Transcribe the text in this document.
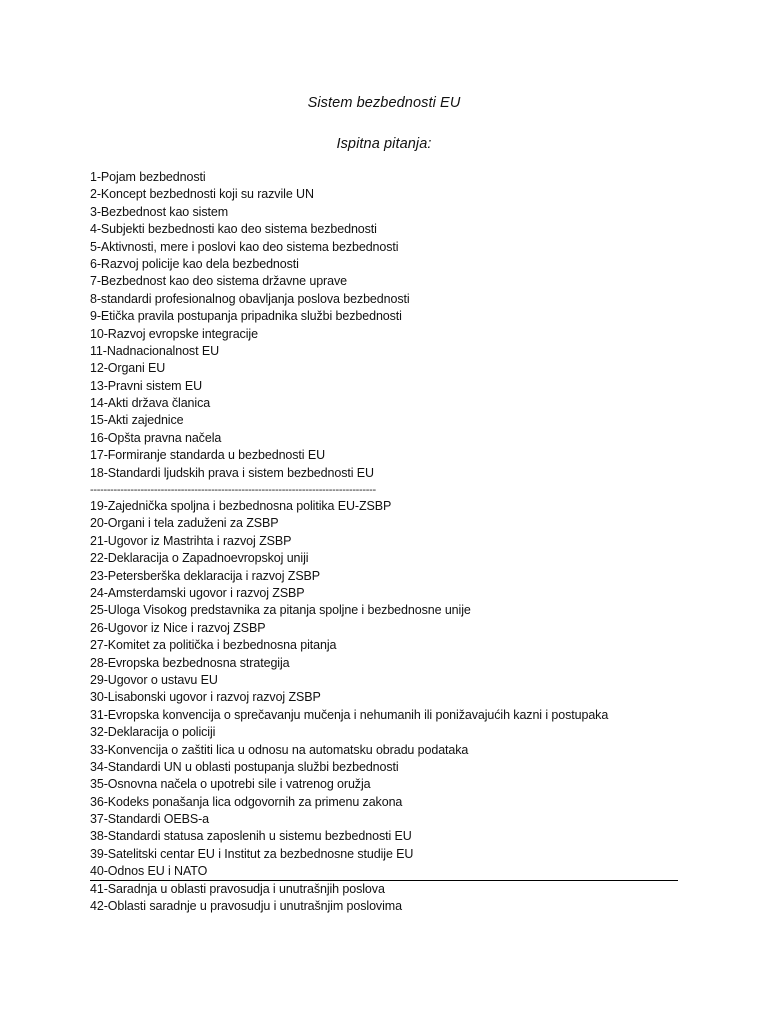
Sistem bezbednosti EU
Ispitna pitanja:
1-Pojam bezbednosti
2-Koncept bezbednosti koji su razvile UN
3-Bezbednost kao sistem
4-Subjekti bezbednosti kao deo sistema bezbednosti
5-Aktivnosti, mere i poslovi kao deo sistema bezbednosti
6-Razvoj policije kao dela bezbednosti
7-Bezbednost kao deo sistema državne uprave
8-standardi profesionalnog obavljanja poslova bezbednosti
9-Etička pravila postupanja pripadnika službi bezbednosti
10-Razvoj evropske integracije
11-Nadnacionalnost EU
12-Organi EU
13-Pravni sistem EU
14-Akti država članica
15-Akti zajednice
16-Opšta pravna načela
17-Formiranje standarda u bezbednosti EU
18-Standardi ljudskih prava i sistem bezbednosti EU
-------------------------------------------------------------------------------------
19-Zajednička spoljna i bezbednosna politika EU-ZSBP
20-Organi i tela zaduženi za ZSBP
21-Ugovor iz Mastrihta i razvoj ZSBP
22-Deklaracija o Zapadnoevropskoj uniji
23-Petersberška deklaracija i razvoj ZSBP
24-Amsterdamski ugovor i razvoj ZSBP
25-Uloga Visokog predstavnika za pitanja spoljne i bezbednosne unije
26-Ugovor iz Nice i razvoj ZSBP
27-Komitet za politička i bezbednosna pitanja
28-Evropska bezbednosna strategija
29-Ugovor o ustavu EU
30-Lisabonski ugovor i razvoj razvoj ZSBP
31-Evropska konvencija o sprečavanju mučenja i nehumanih ili ponižavajućih kazni i postupaka
32-Deklaracija o policiji
33-Konvencija o zaštiti lica u odnosu na automatsku obradu podataka
34-Standardi UN u oblasti postupanja službi bezbednosti
35-Osnovna načela o upotrebi sile i vatrenog oružja
36-Kodeks ponašanja lica odgovornih za primenu zakona
37-Standardi OEBS-a
38-Standardi statusa zaposlenih u sistemu bezbednosti EU
39-Satelitski centar EU i Institut za bezbednosne studije EU
40-Odnos EU i NATO
41-Saradnja u oblasti pravosudja i unutrašnjih poslova
42-Oblasti saradnje u pravosudju i unutrašnjim poslovima
